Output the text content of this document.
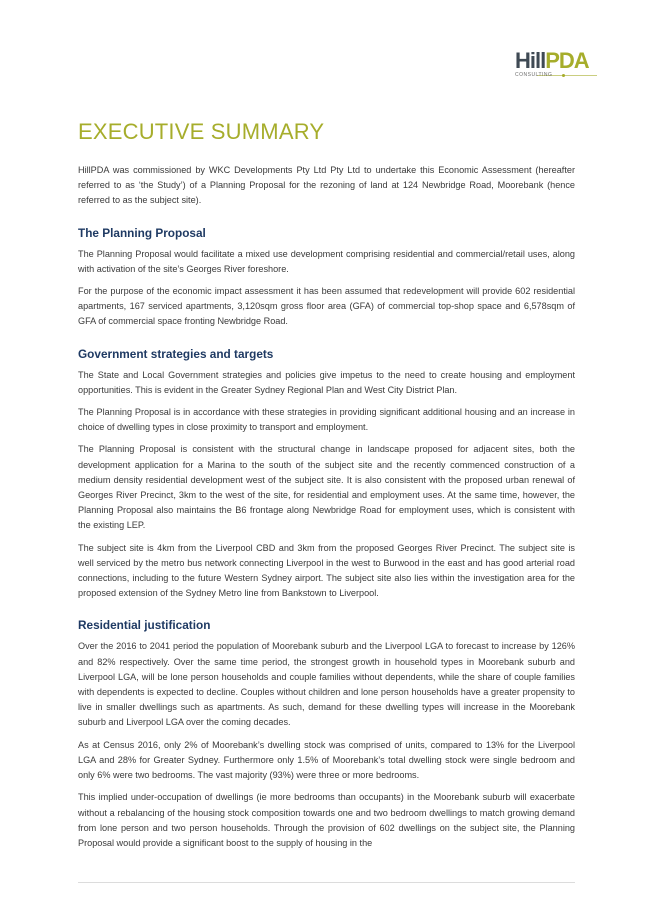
HillPDA
CONSULTING
EXECUTIVE SUMMARY

HillPDA was commissioned by WKC Developments Pty Ltd Pty Ltd to undertake this Economic Assessment (hereafter referred to as ‘the Study’) of a Planning Proposal for the rezoning of land at 124 Newbridge Road, Moorebank (hence referred to as the subject site).

The Planning Proposal

The Planning Proposal would facilitate a mixed use development comprising residential and commercial/retail uses, along with activation of the site’s Georges River foreshore.

For the purpose of the economic impact assessment it has been assumed that redevelopment will provide 602 residential apartments, 167 serviced apartments, 3,120sqm gross floor area (GFA) of commercial top-shop space and 6,578sqm of GFA of commercial space fronting Newbridge Road.

Government strategies and targets

The State and Local Government strategies and policies give impetus to the need to create housing and employment opportunities. This is evident in the Greater Sydney Regional Plan and West City District Plan.

The Planning Proposal is in accordance with these strategies in providing significant additional housing and an increase in choice of dwelling types in close proximity to transport and employment.

The Planning Proposal is consistent with the structural change in landscape proposed for adjacent sites, both the development application for a Marina to the south of the subject site and the recently commenced construction of a medium density residential development west of the subject site. It is also consistent with the proposed urban renewal of Georges River Precinct, 3km to the west of the site, for residential and employment uses. At the same time, however, the Planning Proposal also maintains the B6 frontage along Newbridge Road for employment uses, which is consistent with the existing LEP.

The subject site is 4km from the Liverpool CBD and 3km from the proposed Georges River Precinct. The subject site is well serviced by the metro bus network connecting Liverpool in the west to Burwood in the east and has good arterial road connections, including to the future Western Sydney airport. The subject site also lies within the investigation area for the proposed extension of the Sydney Metro line from Bankstown to Liverpool.

Residential justification

Over the 2016 to 2041 period the population of Moorebank suburb and the Liverpool LGA to forecast to increase by 126% and 82% respectively. Over the same time period, the strongest growth in household types in Moorebank suburb and Liverpool LGA, will be lone person households and couple families without dependents, while the share of couple families with dependents is expected to decline. Couples without children and lone person households have a greater propensity to live in smaller dwellings such as apartments. As such, demand for these dwelling types will increase in the Moorebank suburb and Liverpool LGA over the coming decades.

As at Census 2016, only 2% of Moorebank’s dwelling stock was comprised of units, compared to 13% for the Liverpool LGA and 28% for Greater Sydney. Furthermore only 1.5% of Moorebank’s total dwelling stock were single bedroom and only 6% were two bedrooms. The vast majority (93%) were three or more bedrooms.

This implied under-occupation of dwellings (ie more bedrooms than occupants) in the Moorebank suburb will exacerbate without a rebalancing of the housing stock composition towards one and two bedroom dwellings to match growing demand from lone person and two person households. Through the provision of 602 dwellings on the subject site, the Planning Proposal would provide a significant boost to the supply of housing in the
